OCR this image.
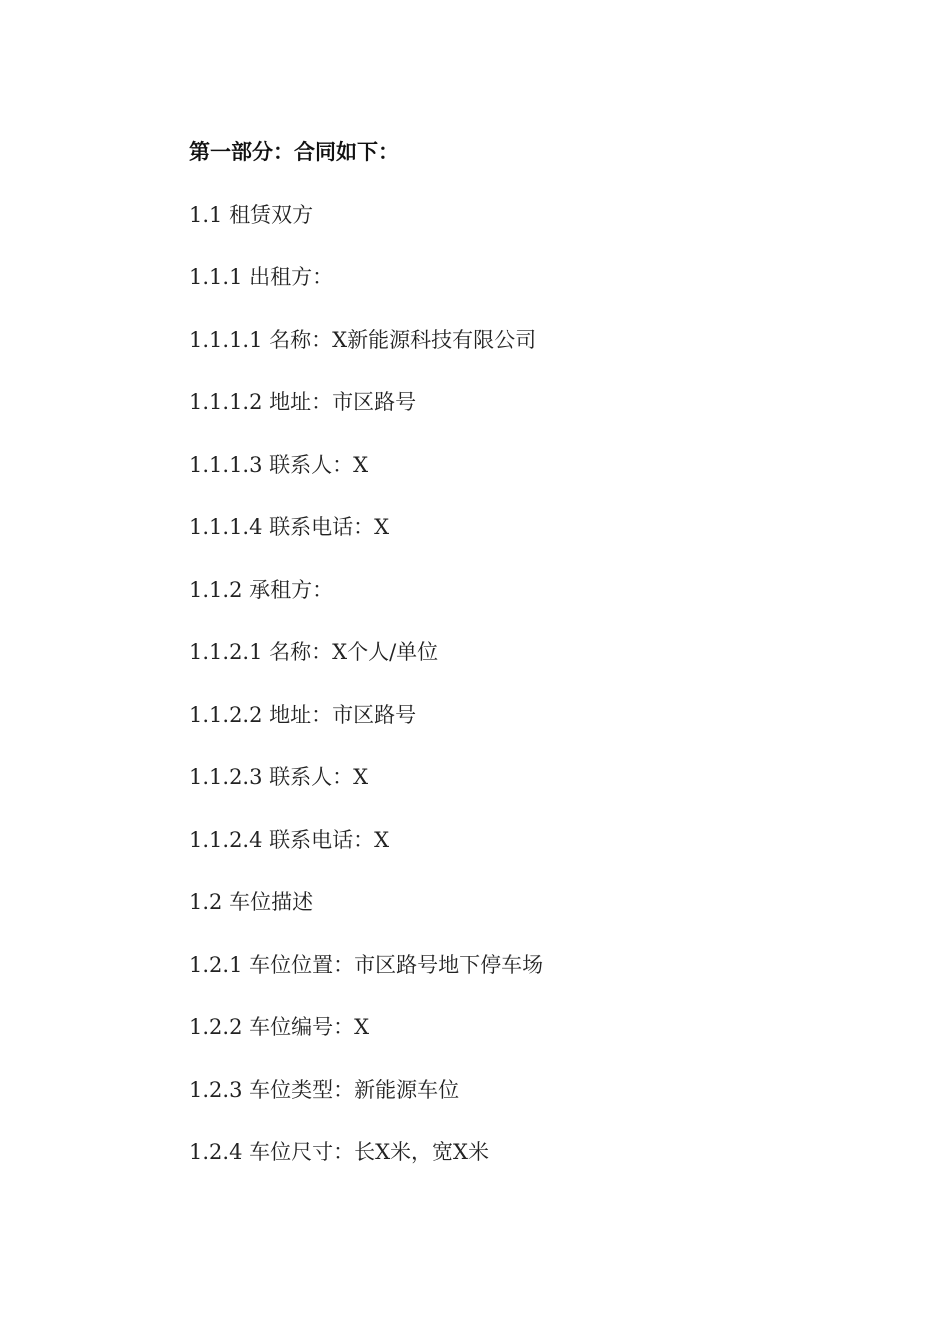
第一部分：合同如下：
1.1 租赁双方
1.1.1 出租方：
1.1.1.1 名称：X新能源科技有限公司
1.1.1.2 地址：市区路号
1.1.1.3 联系人：X
1.1.1.4 联系电话：X
1.1.2 承租方：
1.1.2.1 名称：X个人/单位
1.1.2.2 地址：市区路号
1.1.2.3 联系人：X
1.1.2.4 联系电话：X
1.2 车位描述
1.2.1 车位位置：市区路号地下停车场
1.2.2 车位编号：X
1.2.3 车位类型：新能源车位
1.2.4 车位尺寸：长X米，宽X米
